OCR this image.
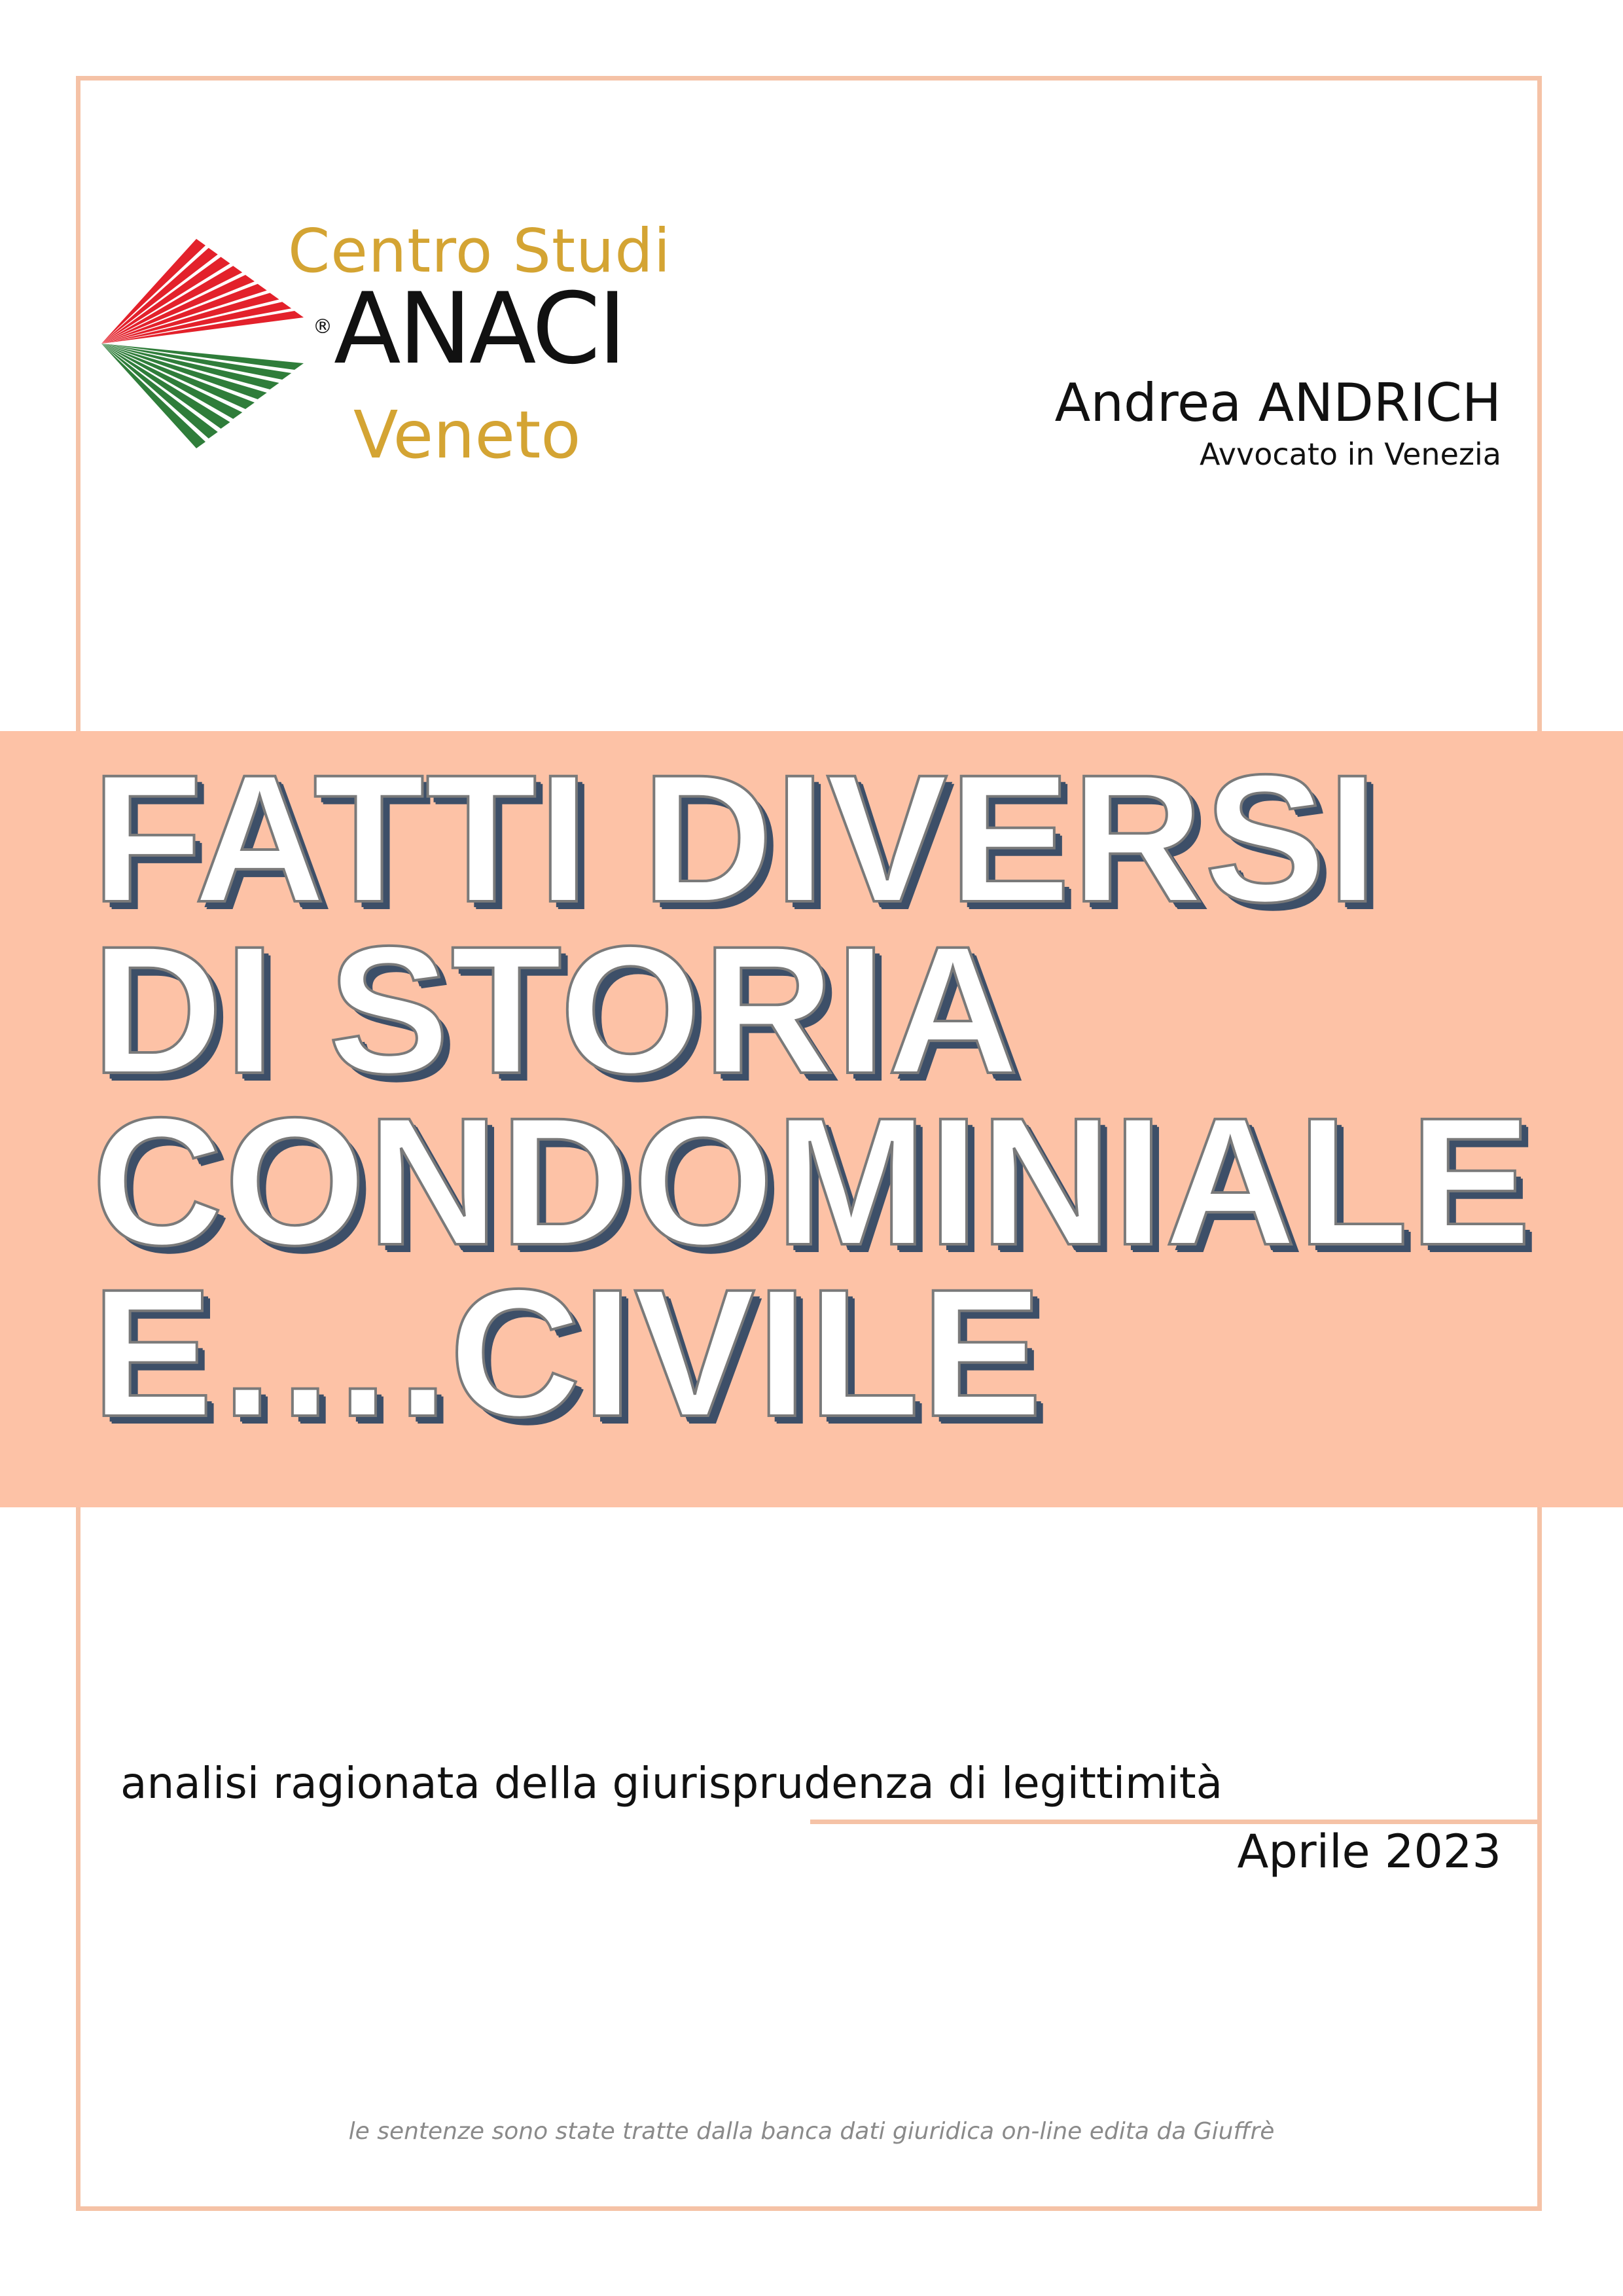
Centro Studi
® ANACI
Veneto	Andrea ANDRICH
Avvocato in Venezia
FATTI DIVERSI
DI STORIA
CONDOMINIALE
E….CIVILE
analisi ragionata della giurisprudenza di legittimità
Aprile 2023
le sentenze sono state tratte dalla banca dati giuridica on-line edita da Giuffrè
